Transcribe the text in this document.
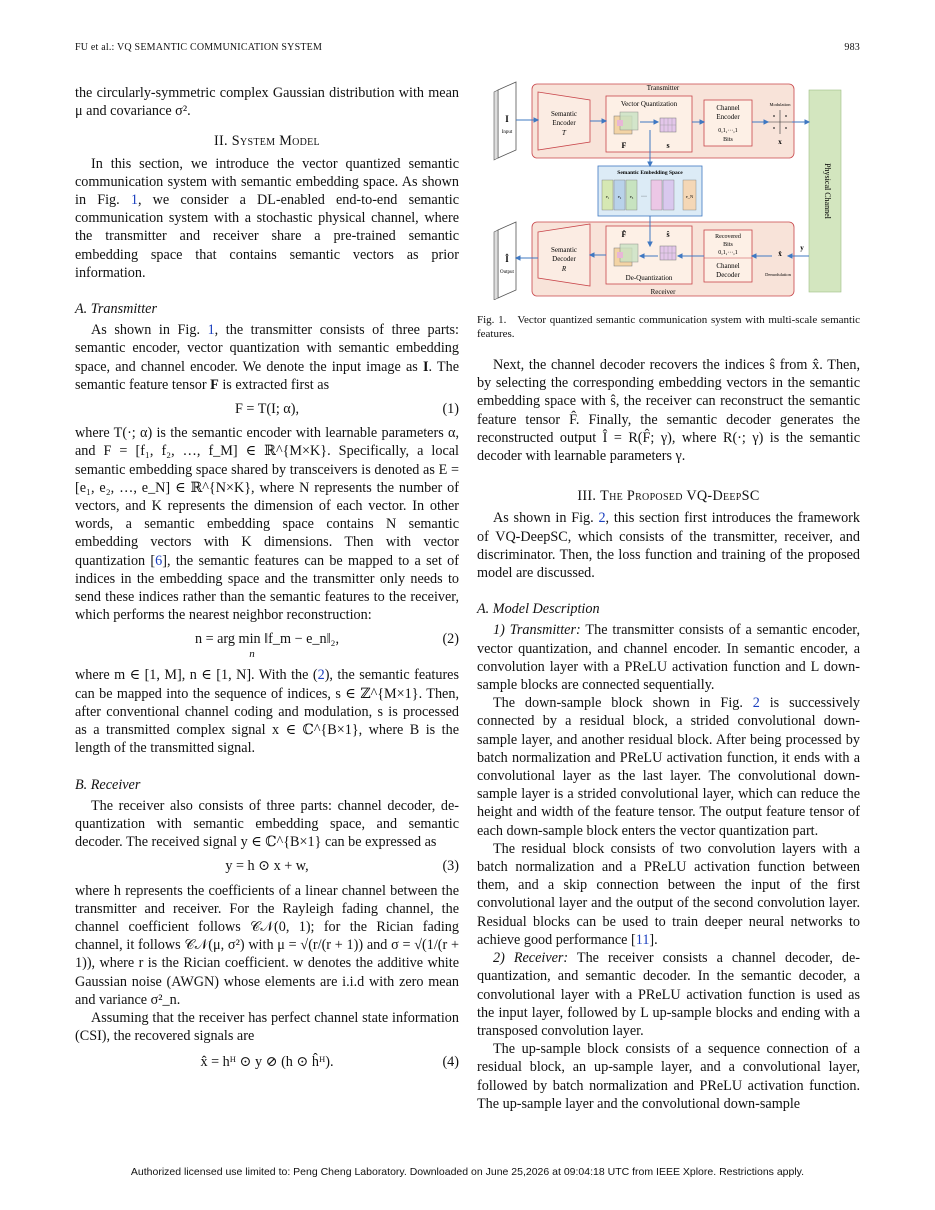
FU et al.: VQ SEMANTIC COMMUNICATION SYSTEM	983

the circularly-symmetric complex Gaussian distribution with mean μ and covariance σ².

II. System Model

In this section, we introduce the vector quantized semantic communication system with semantic embedding space. As shown in Fig. 1, we consider a DL-enabled end-to-end semantic communication system with a stochastic physical channel, where the transmitter and receiver share a pre-trained semantic embedding space that contains semantic vectors as prior information.

A. Transmitter

As shown in Fig. 1, the transmitter consists of three parts: semantic encoder, vector quantization with semantic embedding space, and channel encoder. We denote the input image as I. The semantic feature tensor F is extracted first as

F = T(I; α),	(1)

where T(·; α) is the semantic encoder with learnable parameters α, and F = [f₁, f₂, …, f_M] ∈ ℝ^{M×K}. Specifically, a local semantic embedding space shared by transceivers is denoted as E = [e₁, e₂, …, e_N] ∈ ℝ^{N×K}, where N represents the number of vectors, and K represents the dimension of each vector. In other words, a semantic embedding space contains N semantic embedding vectors with K dimensions. Then with vector quantization [6], the semantic features can be mapped to a set of indices in the embedding space and the transmitter only needs to send these indices rather than the semantic features to the receiver, which performs the nearest neighbor reconstruction:

n = arg min ‖f_m − e_n‖₂,
n
(2)

where m ∈ [1, M], n ∈ [1, N]. With the (2), the semantic features can be mapped into the sequence of indices, s ∈ ℤ^{M×1}. Then, after conventional channel coding and modulation, s is processed as a transmitted complex signal x ∈ ℂ^{B×1}, where B is the length of the transmitted signal.

B. Receiver

The receiver also consists of three parts: channel decoder, de-quantization with semantic embedding space, and semantic decoder. The received signal y ∈ ℂ^{B×1} can be expressed as

y = h ⊙ x + w,	(3)

where h represents the coefficients of a linear channel between the transmitter and receiver. For the Rayleigh fading channel, the channel coefficient follows 𝒞𝒩(0, 1); for the Rician fading channel, it follows 𝒞𝒩(μ, σ²) with μ = √(r/(r + 1)) and σ = √(1/(r + 1)), where r is the Rician coefficient. w denotes the additive white Gaussian noise (AWGN) whose elements are i.i.d with zero mean and variance σ²_n.

Assuming that the receiver has perfect channel state information (CSI), the recovered signals are

x̂ = hᴴ ⊙ y ⊘ (h ⊙ ĥᴴ).	(4)
I
Input
Transmitter
Semantic
Encoder
T
Vector Quantization
F	s
Channel
Encoder
0,1,···,1
Bits
Modulation
x
Physical Channel
Semantic Embedding Space
e₁ e₂ e₃ ···	e_N
Receiver
Î
Output
Semantic
Decoder
R
F̂	ŝ
De-Quantization
Recovered
Bits
0,1,···,1
Channel
Decoder
x̂
Demodulation
y
Fig. 1. Vector quantized semantic communication system with multi-scale semantic features.

Next, the channel decoder recovers the indices ŝ from x̂. Then, by selecting the corresponding embedding vectors in the semantic embedding space with ŝ, the receiver can reconstruct the semantic feature tensor F̂. Finally, the semantic decoder generates the reconstructed output Î = R(F̂; γ), where R(·; γ) is the semantic decoder with learnable parameters γ.

III. The Proposed VQ-DeepSC

As shown in Fig. 2, this section first introduces the framework of VQ-DeepSC, which consists of the transmitter, receiver, and discriminator. Then, the loss function and training of the proposed model are discussed.

A. Model Description

1) Transmitter: The transmitter consists of a semantic encoder, vector quantization, and channel encoder. In semantic encoder, a convolution layer with a PReLU activation function and L down-sample blocks are connected sequentially.

The down-sample block shown in Fig. 2 is successively connected by a residual block, a strided convolutional down-sample layer, and another residual block. After being processed by batch normalization and PReLU activation function, it ends with a convolutional layer as the last layer. The convolutional down-sample layer is a strided convolutional layer, which can reduce the height and width of the feature tensor. The output feature tensor of each down-sample block enters the vector quantization part.

The residual block consists of two convolution layers with a batch normalization and a PReLU activation function between them, and a skip connection between the input of the first convolutional layer and the output of the second convolution layer. Residual blocks can be used to train deeper neural networks to achieve good performance [11].

2) Receiver: The receiver consists a channel decoder, de-quantization, and semantic decoder. In the semantic decoder, a convolutional layer with a PReLU activation function is used as the input layer, followed by L up-sample blocks and ending with a transposed convolution layer.

The up-sample block consists of a sequence connection of a residual block, an up-sample layer, and a convolutional layer, followed by batch normalization and PReLU activation function. The up-sample layer and the convolutional down-sample

Authorized licensed use limited to: Peng Cheng Laboratory. Downloaded on June 25,2026 at 09:04:18 UTC from IEEE Xplore. Restrictions apply.
